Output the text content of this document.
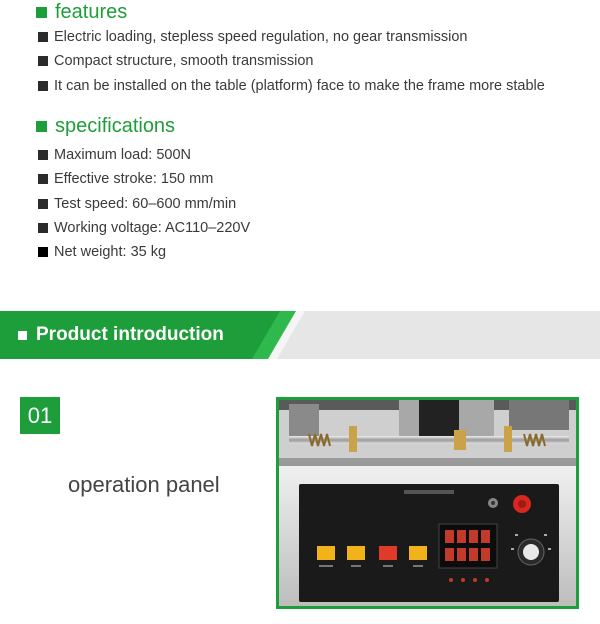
features
Electric loading, stepless speed regulation, no gear transmission
Compact structure, smooth transmission
It can be installed on the table (platform) face to make the frame more stable
specifications
Maximum load: 500N
Effective stroke: 150 mm
Test speed: 60–600 mm/min
Working voltage: AC110–220V
Net weight: 35 kg
Product introduction
01
operation panel
